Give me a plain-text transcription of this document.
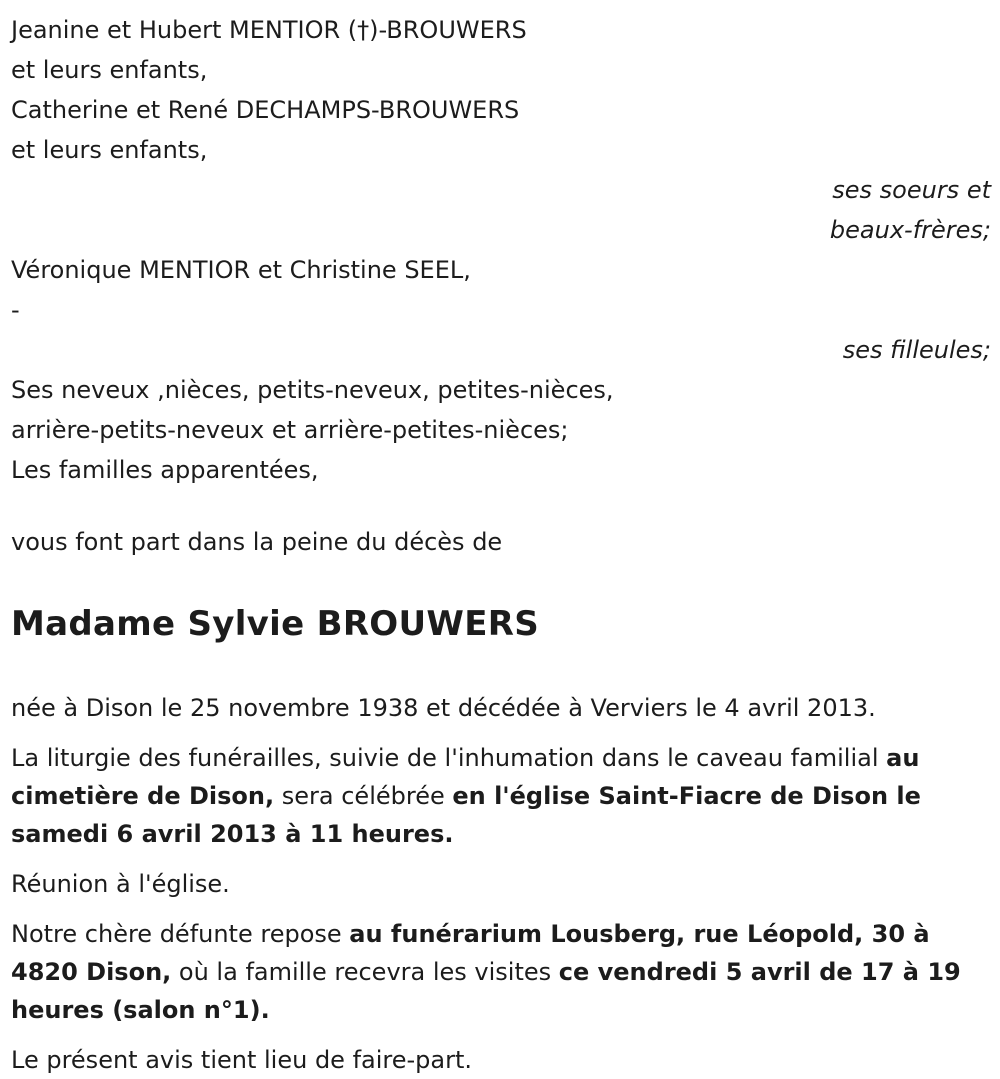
Jeanine et Hubert MENTIOR (†)-BROUWERS
et leurs enfants,
Catherine et René DECHAMPS-BROUWERS
et leurs enfants,
ses soeurs et
beaux-frères;
Véronique MENTIOR et Christine SEEL,
-
ses filleules;
Ses neveux ,nièces, petits-neveux, petites-nièces,
arrière-petits-neveux et arrière-petites-nièces;
Les familles apparentées,
vous font part dans la peine du décès de
Madame Sylvie BROUWERS

née à Dison le 25 novembre 1938 et décédée à Verviers le 4 avril 2013.

La liturgie des funérailles, suivie de l'inhumation dans le caveau familial au cimetière de Dison, sera célébrée en l'église Saint-Fiacre de Dison le samedi 6 avril 2013 à 11 heures.

Réunion à l'église.

Notre chère défunte repose au funérarium Lousberg, rue Léopold, 30 à 4820 Dison, où la famille recevra les visites ce vendredi 5 avril de 17 à 19 heures (salon n°1).

Le présent avis tient lieu de faire-part.
